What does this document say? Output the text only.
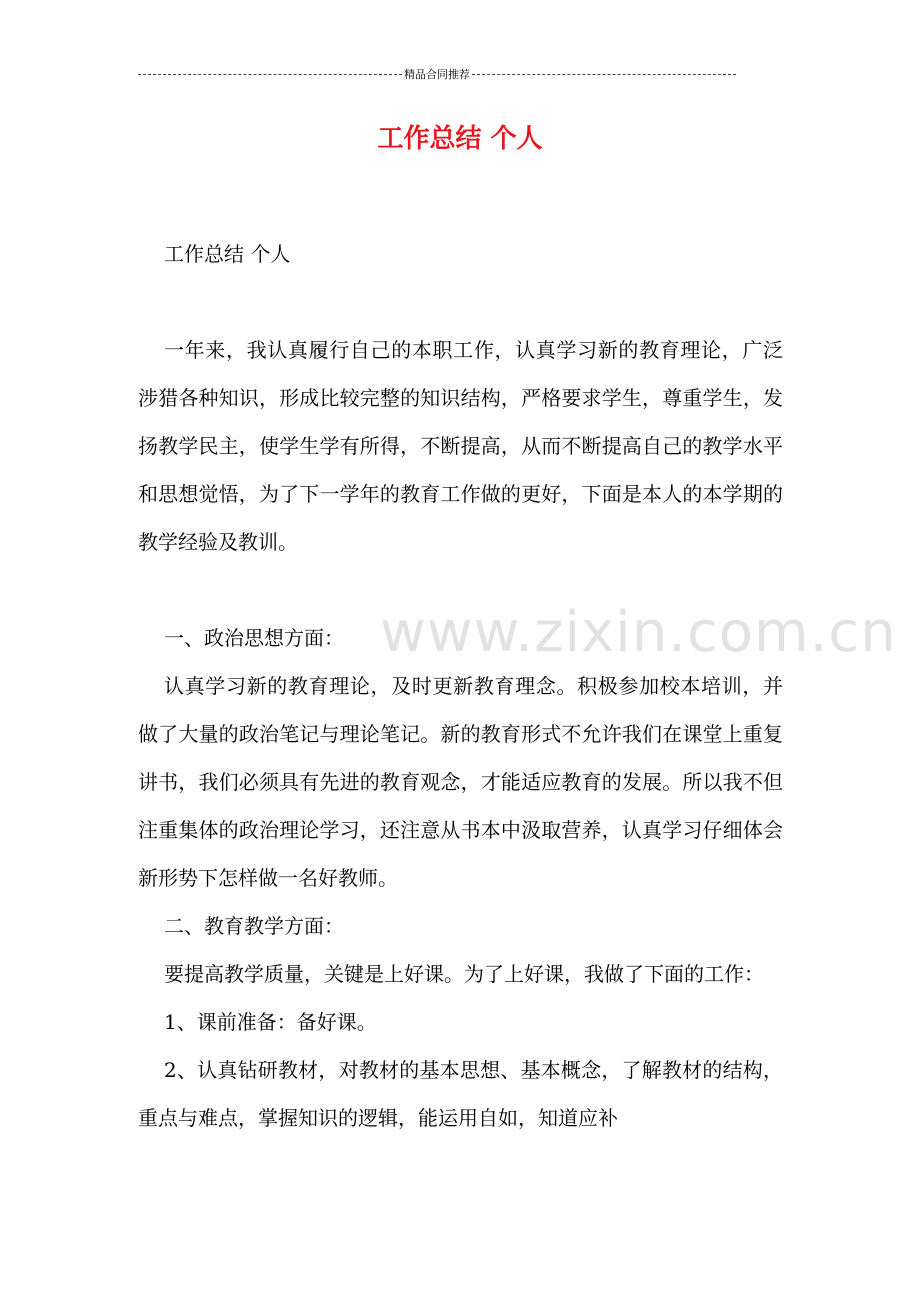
精品合同推荐
工作总结 个人
www.zixin.com.cn

工作总结 个人

一年来，我认真履行自己的本职工作，认真学习新的教育理论，广泛涉猎各种知识，形成比较完整的知识结构，严格要求学生，尊重学生，发扬教学民主，使学生学有所得，不断提高，从而不断提高自己的教学水平和思想觉悟，为了下一学年的教育工作做的更好，下面是本人的本学期的教学经验及教训。

一、政治思想方面：

认真学习新的教育理论，及时更新教育理念。积极参加校本培训，并做了大量的政治笔记与理论笔记。新的教育形式不允许我们在课堂上重复讲书，我们必须具有先进的教育观念，才能适应教育的发展。所以我不但注重集体的政治理论学习，还注意从书本中汲取营养，认真学习仔细体会新形势下怎样做一名好教师。

二、教育教学方面：

要提高教学质量，关键是上好课。为了上好课，我做了下面的工作：

1、课前准备：备好课。

2、认真钻研教材，对教材的基本思想、基本概念，了解教材的结构，重点与难点，掌握知识的逻辑，能运用自如，知道应补
